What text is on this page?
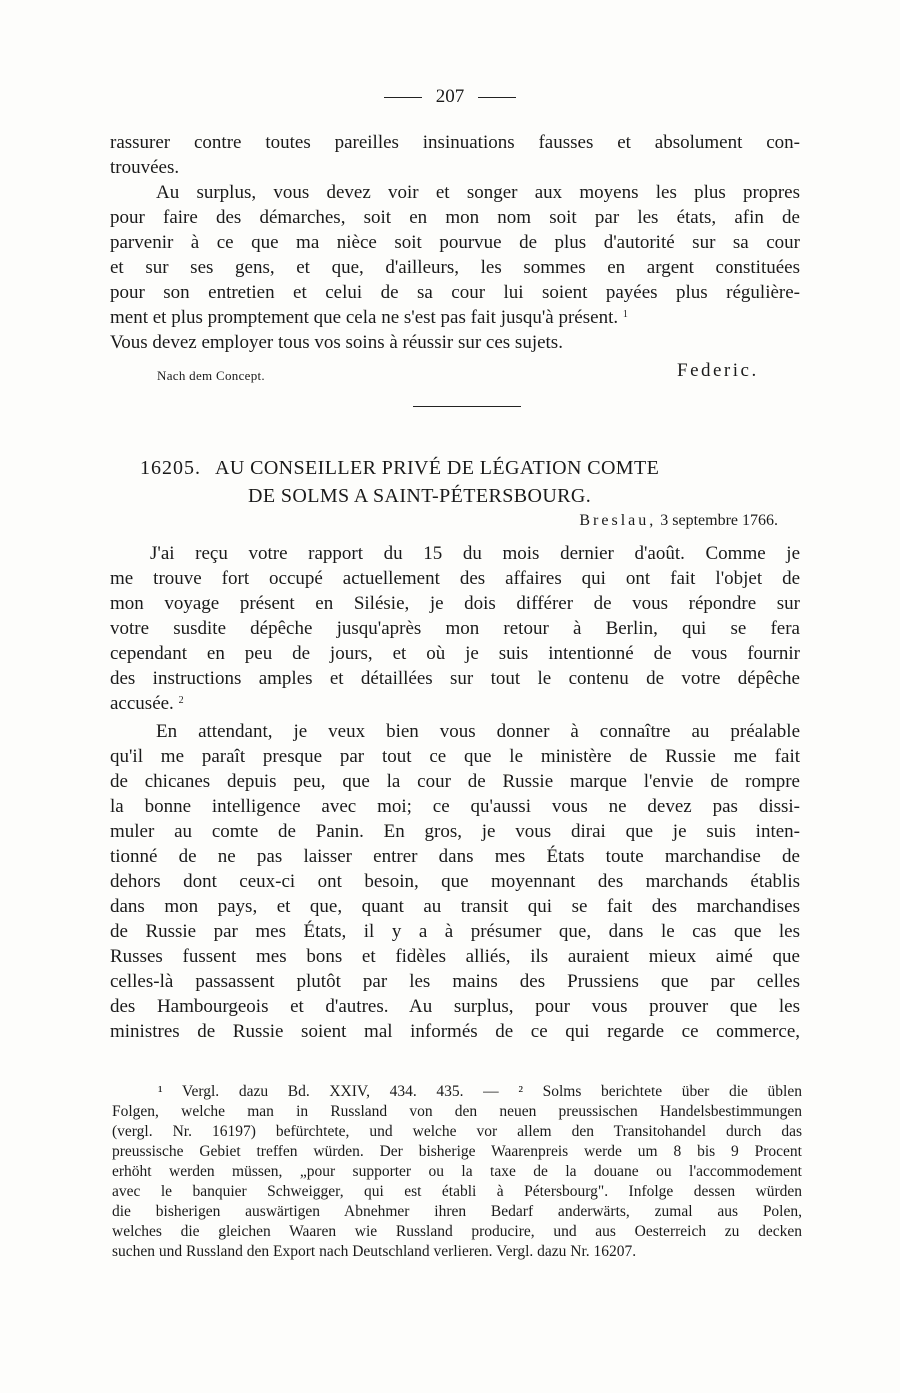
207
rassurer contre toutes pareilles insinuations fausses et absolument con-
trouvées.
Au surplus, vous devez voir et songer aux moyens les plus propres
pour faire des démarches, soit en mon nom soit par les états, afin de
parvenir à ce que ma nièce soit pourvue de plus d'autorité sur sa cour
et sur ses gens, et que, d'ailleurs, les sommes en argent constituées
pour son entretien et celui de sa cour lui soient payées plus régulière-
ment et plus promptement que cela ne s'est pas fait jusqu'à présent. $^1$
Vous devez employer tous vos soins à réussir sur ces sujets.
Nach dem Concept.	Federic.
16205. AU CONSEILLER PRIVÉ DE LÉGATION COMTE
DE SOLMS A SAINT-PÉTERSBOURG.
Breslau, 3 septembre 1766.
J'ai reçu votre rapport du 15 du mois dernier d'août. Comme je
me trouve fort occupé actuellement des affaires qui ont fait l'objet de
mon voyage présent en Silésie, je dois différer de vous répondre sur
votre susdite dépêche jusqu'après mon retour à Berlin, qui se fera
cependant en peu de jours, et où je suis intentionné de vous fournir
des instructions amples et détaillées sur tout le contenu de votre dépêche
accusée. $^2$
En attendant, je veux bien vous donner à connaître au préalable
qu'il me paraît presque par tout ce que le ministère de Russie me fait
de chicanes depuis peu, que la cour de Russie marque l'envie de rompre
la bonne intelligence avec moi; ce qu'aussi vous ne devez pas dissi-
muler au comte de Panin. En gros, je vous dirai que je suis inten-
tionné de ne pas laisser entrer dans mes États toute marchandise de
dehors dont ceux-ci ont besoin, que moyennant des marchands établis
dans mon pays, et que, quant au transit qui se fait des marchandises
de Russie par mes États, il y a à présumer que, dans le cas que les
Russes fussent mes bons et fidèles alliés, ils auraient mieux aimé que
celles-là passassent plutôt par les mains des Prussiens que par celles
des Hambourgeois et d'autres. Au surplus, pour vous prouver que les
ministres de Russie soient mal informés de ce qui regarde ce commerce,
¹ Vergl. dazu Bd. XXIV, 434. 435. — ² Solms berichtete über die üblen
Folgen, welche man in Russland von den neuen preussischen Handelsbestimmungen
(vergl. Nr. 16197) befürchtete, und welche vor allem den Transitohandel durch das
preussische Gebiet treffen würden. Der bisherige Waarenpreis werde um 8 bis 9 Procent
erhöht werden müssen, „pour supporter ou la taxe de la douane ou l'accommodement
avec le banquier Schweigger, qui est établi à Pétersbourg". Infolge dessen würden
die bisherigen auswärtigen Abnehmer ihren Bedarf anderwärts, zumal aus Polen,
welches die gleichen Waaren wie Russland producire, und aus Oesterreich zu decken
suchen und Russland den Export nach Deutschland verlieren. Vergl. dazu Nr. 16207.
